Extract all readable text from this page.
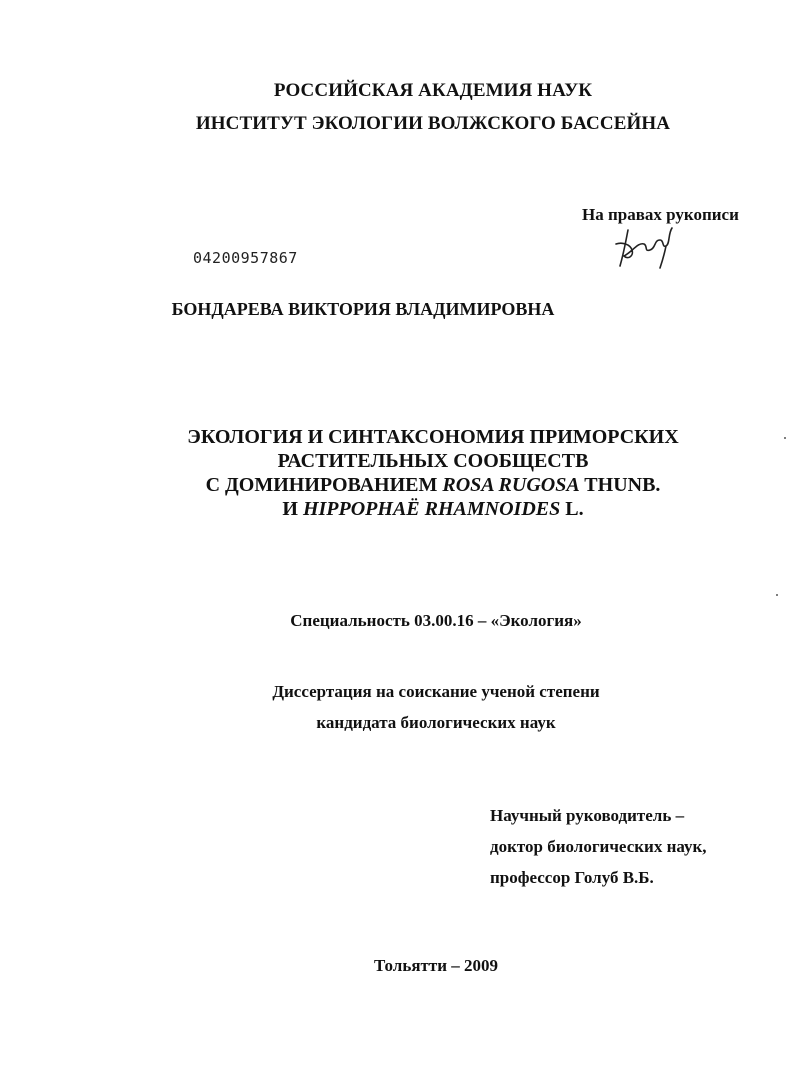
РОССИЙСКАЯ АКАДЕМИЯ НАУК
ИНСТИТУТ ЭКОЛОГИИ ВОЛЖСКОГО БАССЕЙНА
На правах рукописи
04200957867
БОНДАРЕВА ВИКТОРИЯ ВЛАДИМИРОВНА
ЭКОЛОГИЯ И СИНТАКСОНОМИЯ ПРИМОРСКИХ
РАСТИТЕЛЬНЫХ СООБЩЕСТВ
С ДОМИНИРОВАНИЕМ ROSA RUGOSA THUNB.
И HIPPOPHAË RHAMNOIDES L.
Специальность 03.00.16 – «Экология»
Диссертация на соискание ученой степени
кандидата биологических наук
Научный руководитель –
доктор биологических наук,
профессор Голуб В.Б.
Тольятти – 2009
